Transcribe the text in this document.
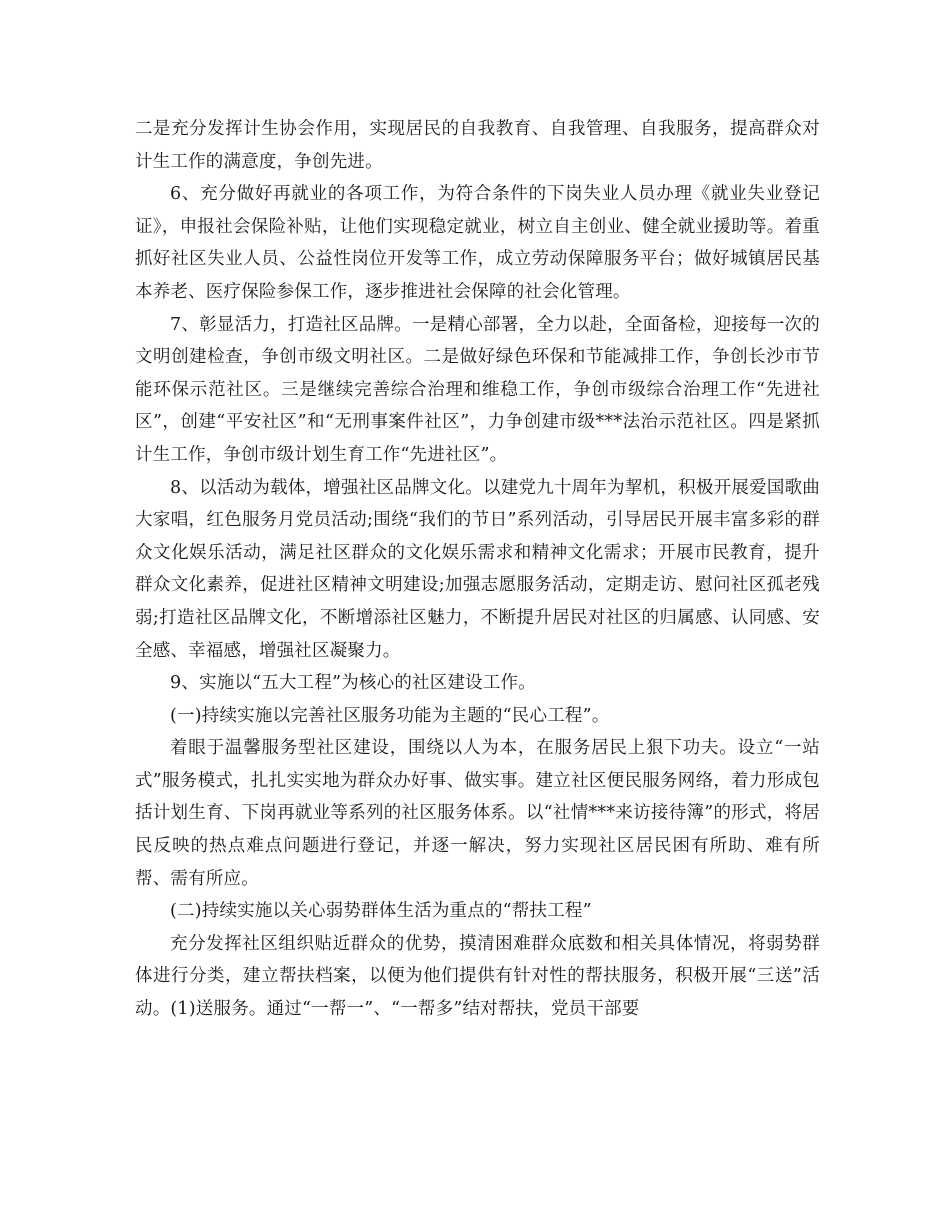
二是充分发挥计生协会作用，实现居民的自我教育、自我管理、自我服务，提高群众对计生工作的满意度，争创先进。

6、充分做好再就业的各项工作，为符合条件的下岗失业人员办理《就业失业登记证》，申报社会保险补贴，让他们实现稳定就业，树立自主创业、健全就业援助等。着重抓好社区失业人员、公益性岗位开发等工作，成立劳动保障服务平台；做好城镇居民基本养老、医疗保险参保工作，逐步推进社会保障的社会化管理。

7、彰显活力，打造社区品牌。一是精心部署，全力以赴，全面备检，迎接每一次的文明创建检查，争创市级文明社区。二是做好绿色环保和节能减排工作，争创长沙市节能环保示范社区。三是继续完善综合治理和维稳工作，争创市级综合治理工作“先进社区”，创建“平安社区”和“无刑事案件社区”，力争创建市级***法治示范社区。四是紧抓计生工作，争创市级计划生育工作“先进社区”。

8、以活动为载体，增强社区品牌文化。以建党九十周年为挈机，积极开展爱国歌曲大家唱，红色服务月党员活动;围绕“我们的节日”系列活动，引导居民开展丰富多彩的群众文化娱乐活动，满足社区群众的文化娱乐需求和精神文化需求；开展市民教育，提升群众文化素养，促进社区精神文明建设;加强志愿服务活动，定期走访、慰问社区孤老残弱;打造社区品牌文化，不断增添社区魅力，不断提升居民对社区的归属感、认同感、安全感、幸福感，增强社区凝聚力。

9、实施以“五大工程”为核心的社区建设工作。

(一)持续实施以完善社区服务功能为主题的“民心工程”。

着眼于温馨服务型社区建设，围绕以人为本，在服务居民上狠下功夫。设立“一站式”服务模式，扎扎实实地为群众办好事、做实事。建立社区便民服务网络，着力形成包括计划生育、下岗再就业等系列的社区服务体系。以“社情***来访接待簿”的形式，将居民反映的热点难点问题进行登记，并逐一解决，努力实现社区居民困有所助、难有所帮、需有所应。

(二)持续实施以关心弱势群体生活为重点的“帮扶工程”

充分发挥社区组织贴近群众的优势，摸清困难群众底数和相关具体情况，将弱势群体进行分类，建立帮扶档案，以便为他们提供有针对性的帮扶服务，积极开展“三送”活动。(1)送服务。通过“一帮一”、“一帮多”结对帮扶，党员干部要
